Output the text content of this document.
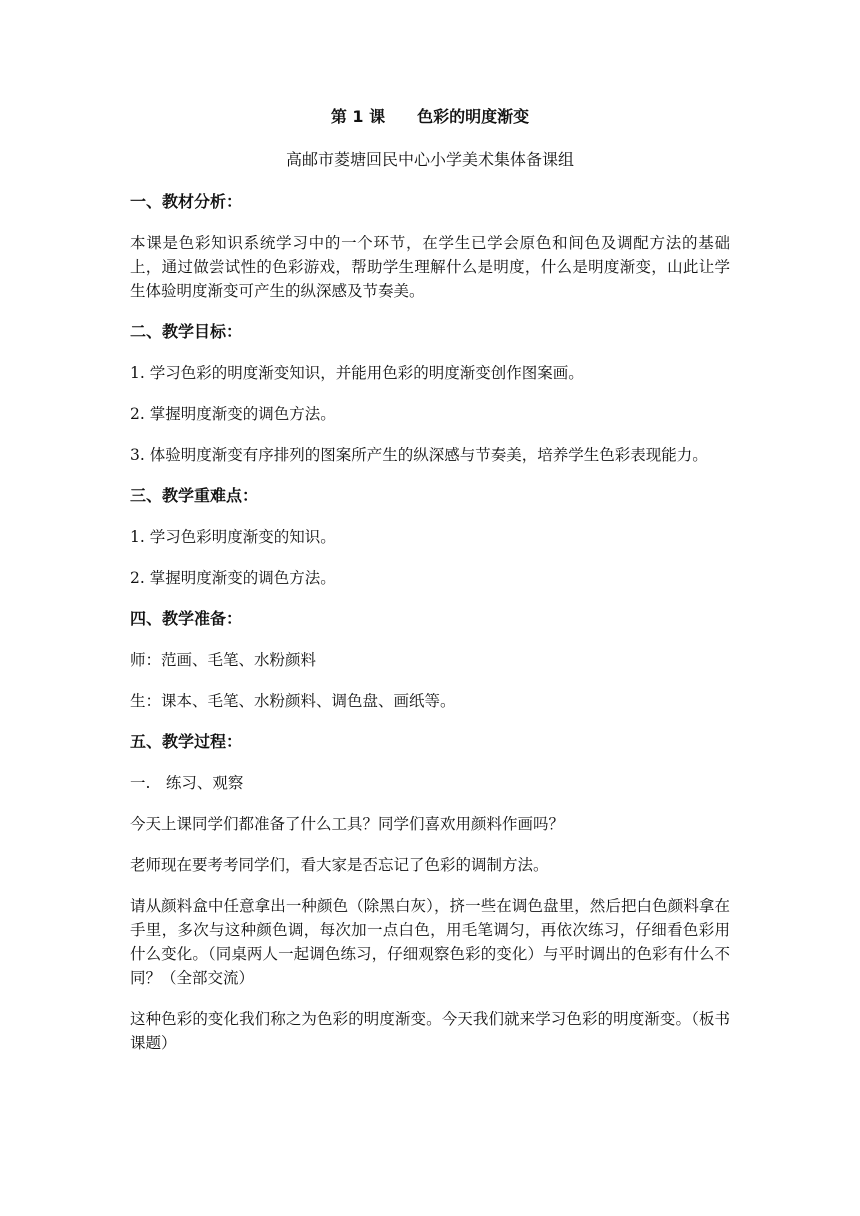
第 1 课　　色彩的明度渐变
高邮市菱塘回民中心小学美术集体备课组
一、教材分析：
本课是色彩知识系统学习中的一个环节，在学生已学会原色和间色及调配方法的基础上，通过做尝试性的色彩游戏，帮助学生理解什么是明度，什么是明度渐变，山此让学生体验明度渐变可产生的纵深感及节奏美。
二、教学目标：
1. 学习色彩的明度渐变知识，并能用色彩的明度渐变创作图案画。
2. 掌握明度渐变的调色方法。
3. 体验明度渐变有序排列的图案所产生的纵深感与节奏美，培养学生色彩表现能力。
三、教学重难点：
1. 学习色彩明度渐变的知识。
2. 掌握明度渐变的调色方法。
四、教学准备：
师：范画、毛笔、水粉颜料
生：课本、毛笔、水粉颜料、调色盘、画纸等。
五、教学过程：
一.　练习、观察
今天上课同学们都准备了什么工具？同学们喜欢用颜料作画吗？
老师现在要考考同学们，看大家是否忘记了色彩的调制方法。
请从颜料盒中任意拿出一种颜色（除黑白灰），挤一些在调色盘里，然后把白色颜料拿在手里，多次与这种颜色调，每次加一点白色，用毛笔调匀，再依次练习，仔细看色彩用什么变化。（同桌两人一起调色练习，仔细观察色彩的变化）与平时调出的色彩有什么不同？（全部交流）
这种色彩的变化我们称之为色彩的明度渐变。今天我们就来学习色彩的明度渐变。（板书课题）
